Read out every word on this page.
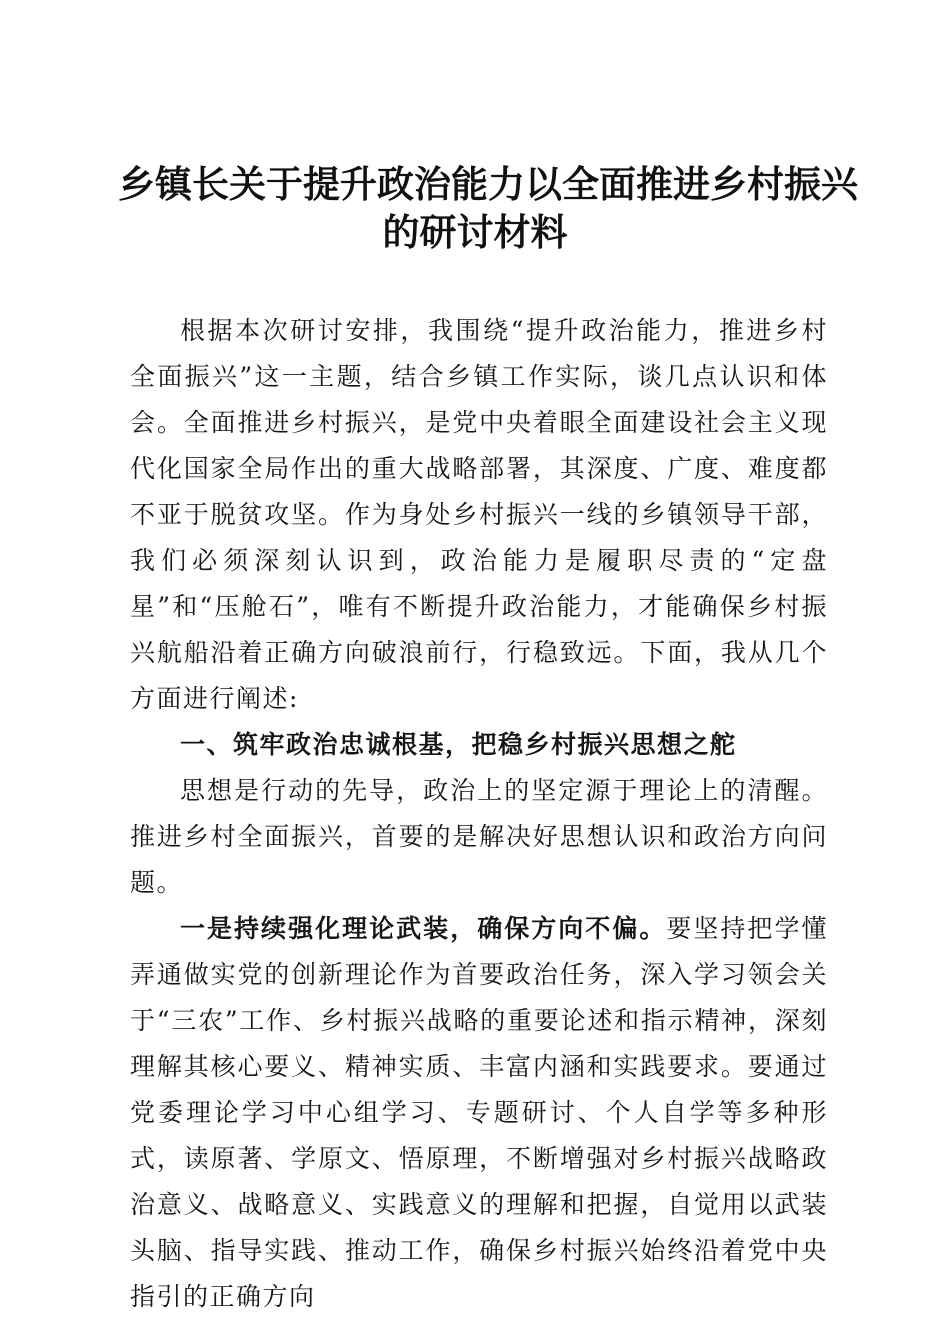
乡镇长关于提升政治能力以全面推进乡村振兴
的研讨材料

根据本次研讨安排，我围绕“提升政治能力，推进乡村全面振兴”这一主题，结合乡镇工作实际，谈几点认识和体会。全面推进乡村振兴，是党中央着眼全面建设社会主义现代化国家全局作出的重大战略部署，其深度、广度、难度都不亚于脱贫攻坚。作为身处乡村振兴一线的乡镇领导干部，我们必须深刻认识到，政治能力是履职尽责的“定盘星”和“压舱石”，唯有不断提升政治能力，才能确保乡村振兴航船沿着正确方向破浪前行，行稳致远。下面，我从几个方面进行阐述:

一、筑牢政治忠诚根基，把稳乡村振兴思想之舵

思想是行动的先导，政治上的坚定源于理论上的清醒。推进乡村全面振兴，首要的是解决好思想认识和政治方向问题。

一是持续强化理论武装，确保方向不偏。要坚持把学懂弄通做实党的创新理论作为首要政治任务，深入学习领会关于“三农”工作、乡村振兴战略的重要论述和指示精神，深刻理解其核心要义、精神实质、丰富内涵和实践要求。要通过党委理论学习中心组学习、专题研讨、个人自学等多种形式，读原著、学原文、悟原理，不断增强对乡村振兴战略政治意义、战略意义、实践意义的理解和把握，自觉用以武装头脑、指导实践、推动工作，确保乡村振兴始终沿着党中央指引的正确方向
